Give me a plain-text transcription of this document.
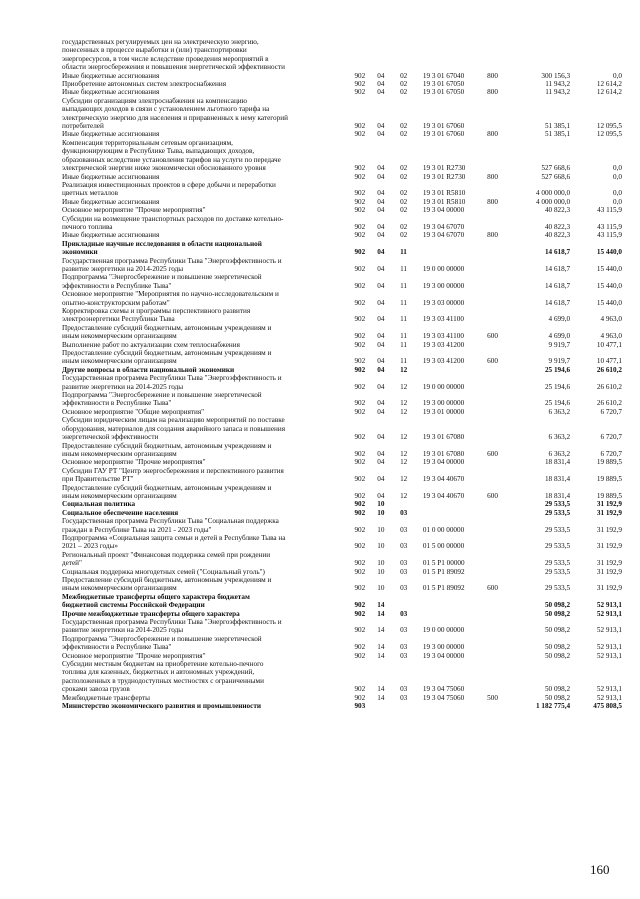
государственных регулируемых цен на электрическую энергию,							
понесенных в процессе выработки и (или) транспортировки							
энергоресурсов, в том числе вследствие проведения мероприятий в							
области энергосбережения и повышения энергетической эффективности							
Иные бюджетные ассигнования	902	04	02	19 3 01 67040	800	300 156,3	0,0
Приобретение автономных систем электроснабжения	902	04	02	19 3 01 67050		11 943,2	12 614,2
Иные бюджетные ассигнования	902	04	02	19 3 01 67050	800	11 943,2	12 614,2
Субсидии организациям электроснабжения на компенсацию							
выпадающих доходов в связи с установлением льготного тарифа на							
электрическую энергию для населения и приравненных к нему категорий							
потребителей	902	04	02	19 3 01 67060		51 385,1	12 095,5
Иные бюджетные ассигнования	902	04	02	19 3 01 67060	800	51 385,1	12 095,5
Компенсация территориальным сетевым организациям,							
функционирующим в Республике Тыва, выпадающих доходов,							
образованных вследствие установления тарифов на услуги по передаче							
электрической энергии ниже экономически обоснованного уровня	902	04	02	19 3 01 R2730		527 668,6	0,0
Иные бюджетные ассигнования	902	04	02	19 3 01 R2730	800	527 668,6	0,0
Реализация инвестиционных проектов в сфере добычи и переработки							
цветных металлов	902	04	02	19 3 01 R5810		4 000 000,0	0,0
Иные бюджетные ассигнования	902	04	02	19 3 01 R5810	800	4 000 000,0	0,0
Основное мероприятие "Прочие мероприятия"	902	04	02	19 3 04 00000		40 822,3	43 115,9
Субсидии на возмещение транспортных расходов по доставке котельно-							
печного топлива	902	04	02	19 3 04 67070		40 822,3	43 115,9
Иные бюджетные ассигнования	902	04	02	19 3 04 67070	800	40 822,3	43 115,9
Прикладные научные исследования в области национальной							
экономики	902	04	11			14 618,7	15 440,0
Государственная программа Республики Тыва "Энергоэффективность и							
развитие энергетики на 2014-2025 годы	902	04	11	19 0 00 00000		14 618,7	15 440,0
Подпрограмма "Энергосбережение и повышение энергетической							
эффективности в Республике Тыва"	902	04	11	19 3 00 00000		14 618,7	15 440,0
Основное мероприятие "Мероприятия по научно-исследовательским и							
опытно-конструкторским работам"	902	04	11	19 3 03 00000		14 618,7	15 440,0
Корректировка схемы и программы перспективного развития							
электроэнергетики Республики Тыва	902	04	11	19 3 03 41100		4 699,0	4 963,0
Предоставление субсидий бюджетным, автономным учреждениям и							
иным некоммерческим организациям	902	04	11	19 3 03 41100	600	4 699,0	4 963,0
Выполнение работ по актуализации схем теплоснабжения	902	04	11	19 3 03 41200		9 919,7	10 477,1
Предоставление субсидий бюджетным, автономным учреждениям и							
иным некоммерческим организациям	902	04	11	19 3 03 41200	600	9 919,7	10 477,1
Другие вопросы в области национальной экономики	902	04	12			25 194,6	26 610,2
Государственная программа Республики Тыва "Энергоэффективность и							
развитие энергетики на 2014-2025 годы	902	04	12	19 0 00 00000		25 194,6	26 610,2
Подпрограмма "Энергосбережение и повышение энергетической							
эффективности в Республике Тыва"	902	04	12	19 3 00 00000		25 194,6	26 610,2
Основное мероприятие "Общие мероприятия"	902	04	12	19 3 01 00000		6 363,2	6 720,7
Субсидии юридическим лицам на реализацию мероприятий по поставке							
оборудования, материалов для создания аварийного запаса и повышения							
энергетической эффективности	902	04	12	19 3 01 67080		6 363,2	6 720,7
Предоставление субсидий бюджетным, автономным учреждениям и							
иным некоммерческим организациям	902	04	12	19 3 01 67080	600	6 363,2	6 720,7
Основное мероприятие "Прочие мероприятия"	902	04	12	19 3 04 00000		18 831,4	19 889,5
Субсидии ГАУ РТ "Центр энергосбережения и перспективного развития							
при Правительстве РТ"	902	04	12	19 3 04 40670		18 831,4	19 889,5
Предоставление субсидий бюджетным, автономным учреждениям и							
иным некоммерческим организациям	902	04	12	19 3 04 40670	600	18 831,4	19 889,5
Социальная политика	902	10				29 533,5	31 192,9
Социальное обеспечение населения	902	10	03			29 533,5	31 192,9
Государственная программа Республики Тыва "Социальная поддержка							
граждан в Республике Тыва на 2021 - 2023 годы"	902	10	03	01 0 00 00000		29 533,5	31 192,9
Подпрограмма «Социальная защита семьи и детей в Республике Тыва на							
2021 – 2023 годы»	902	10	03	01 5 00 00000		29 533,5	31 192,9
Региональный проект "Финансовая поддержка семей при рождении							
детей"	902	10	03	01 5 P1 00000		29 533,5	31 192,9
Социальная поддержка многодетных семей ("Социальный уголь")	902	10	03	01 5 P1 89092		29 533,5	31 192,9
Предоставление субсидий бюджетным, автономным учреждениям и							
иным некоммерческим организациям	902	10	03	01 5 P1 89092	600	29 533,5	31 192,9
Межбюджетные трансферты общего характера бюджетам							
бюджетной системы Российской Федерации	902	14				50 098,2	52 913,1
Прочие межбюджетные трансферты общего характера	902	14	03			50 098,2	52 913,1
Государственная программа Республики Тыва "Энергоэффективность и							
развитие энергетики на 2014-2025 годы	902	14	03	19 0 00 00000		50 098,2	52 913,1
Подпрограмма "Энергосбережение и повышение энергетической							
эффективности в Республике Тыва"	902	14	03	19 3 00 00000		50 098,2	52 913,1
Основное мероприятие "Прочие мероприятия"	902	14	03	19 3 04 00000		50 098,2	52 913,1
Субсидии местным бюджетам на приобретение котельно-печного							
топлива для казенных, бюджетных и автономных учреждений,							
расположенных в труднодоступных местностях с ограниченными							
сроками завоза грузов	902	14	03	19 3 04 75060		50 098,2	52 913,1
Межбюджетные трансферты	902	14	03	19 3 04 75060	500	50 098,2	52 913,1
Министерство экономического развития и промышленности	903					1 182 775,4	475 808,5
160
